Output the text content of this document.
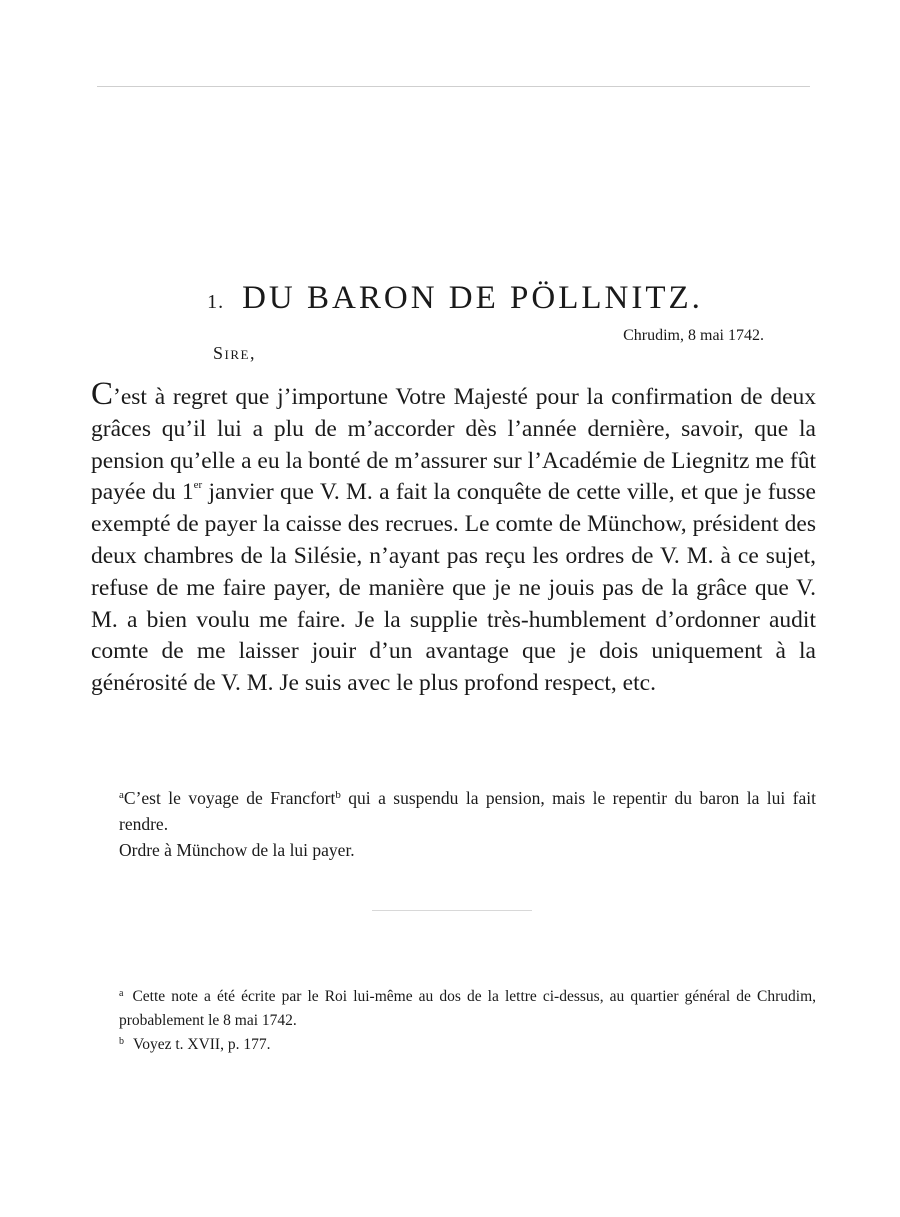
1. DU BARON DE PÖLLNITZ.
Chrudim, 8 mai 1742.
Sire,

C’est à regret que j’importune Votre Majesté pour la confirmation de deux grâces qu’il lui a plu de m’accorder dès l’année dernière, savoir, que la pension qu’elle a eu la bonté de m’assurer sur l’Académie de Liegnitz me fût payée du 1er janvier que V. M. a fait la conquête de cette ville, et que je fusse exempté de payer la caisse des recrues. Le comte de Münchow, président des deux chambres de la Silésie, n’ayant pas reçu les ordres de V. M. à ce sujet, refuse de me faire payer, de manière que je ne jouis pas de la grâce que V. M. a bien voulu me faire. Je la supplie très-humblement d’ordonner audit comte de me laisser jouir d’un avantage que je dois uniquement à la générosité de V. M. Je suis avec le plus profond respect, etc.

$^a$C’est le voyage de Francfort$^b$ qui a suspendu la pension, mais le repentir du baron la lui fait rendre.
Ordre à Münchow de la lui payer.
$^a$ Cette note a été écrite par le Roi lui-même au dos de la lettre ci-dessus, au quartier général de Chrudim, probablement le 8 mai 1742.
$^b$ Voyez t. XVII, p. 177.
